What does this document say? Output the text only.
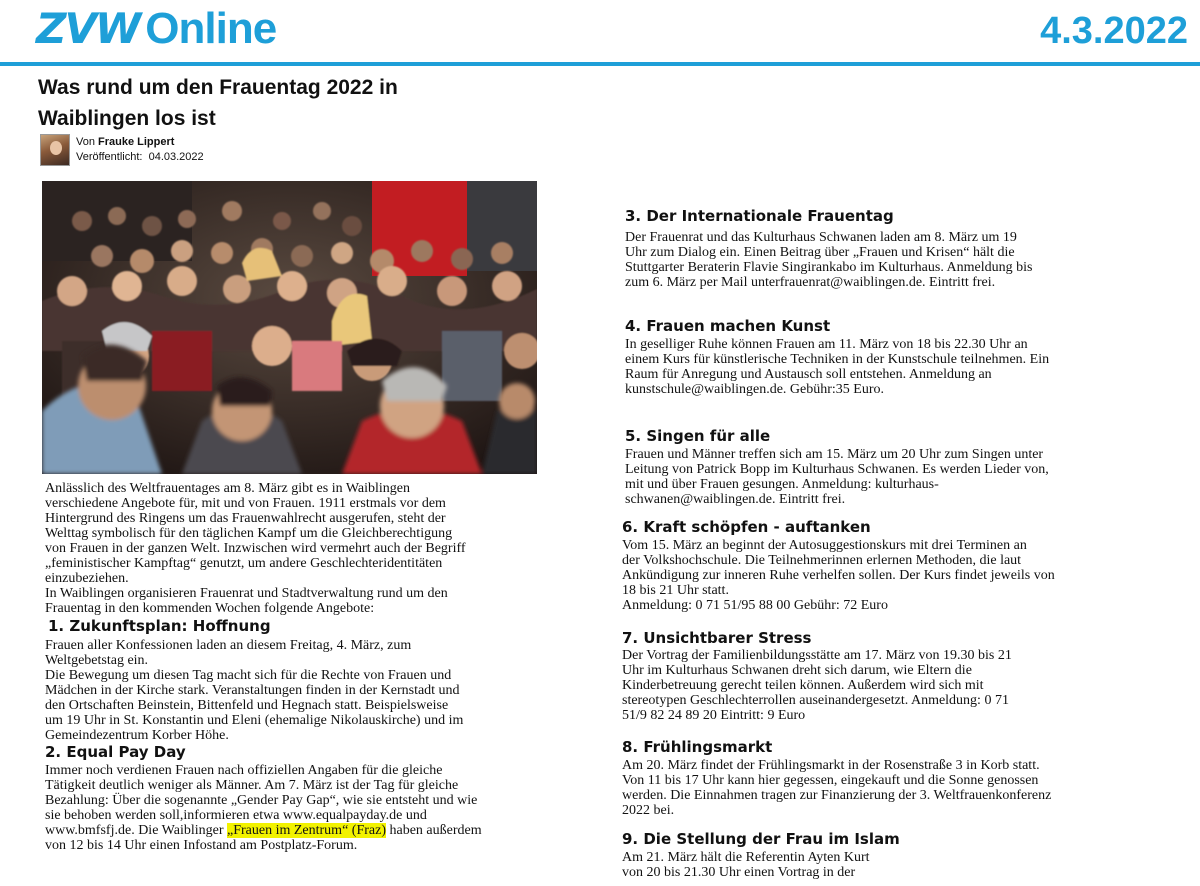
ZVW Online	4.3.2022
Was rund um den Frauentag 2022 in
Waiblingen los ist
Von Frauke Lippert
Veröffentlicht: 04.03.2022

Anlässlich des Weltfrauentages am 8. März gibt es in Waiblingen

verschiedene Angebote für, mit und von Frauen. 1911 erstmals vor dem

Hintergrund des Ringens um das Frauenwahlrecht ausgerufen, steht der

Welttag symbolisch für den täglichen Kampf um die Gleichberechtigung

von Frauen in der ganzen Welt. Inzwischen wird vermehrt auch der Begriff

„feministischer Kampftag“ genutzt, um andere Geschlechteridentitäten

einzubeziehen.

In Waiblingen organisieren Frauenrat und Stadtverwaltung rund um den

Frauentag in den kommenden Wochen folgende Angebote:

1. Zukunftsplan: Hoffnung

Frauen aller Konfessionen laden an diesem Freitag, 4. März, zum

Weltgebetstag ein.

Die Bewegung um diesen Tag macht sich für die Rechte von Frauen und

Mädchen in der Kirche stark. Veranstaltungen finden in der Kernstadt und

den Ortschaften Beinstein, Bittenfeld und Hegnach statt. Beispielsweise

um 19 Uhr in St. Konstantin und Eleni (ehemalige Nikolauskirche) und im

Gemeindezentrum Korber Höhe.

2. Equal Pay Day

Immer noch verdienen Frauen nach offiziellen Angaben für die gleiche

Tätigkeit deutlich weniger als Männer. Am 7. März ist der Tag für gleiche

Bezahlung: Über die sogenannte „Gender Pay Gap“, wie sie entsteht und wie

sie behoben werden soll,informieren etwa www.equalpayday.de und

www.bmfsfj.de. Die Waiblinger „Frauen im Zentrum“ (Fraz) haben außerdem

von 12 bis 14 Uhr einen Infostand am Postplatz-Forum.

3. Der Internationale Frauentag

Der Frauenrat und das Kulturhaus Schwanen laden am 8. März um 19

Uhr zum Dialog ein. Einen Beitrag über „Frauen und Krisen“ hält die

Stuttgarter Beraterin Flavie Singirankabo im Kulturhaus. Anmeldung bis

zum 6. März per Mail unterfrauenrat@waiblingen.de. Eintritt frei.

4. Frauen machen Kunst

In geselliger Ruhe können Frauen am 11. März von 18 bis 22.30 Uhr an

einem Kurs für künstlerische Techniken in der Kunstschule teilnehmen. Ein

Raum für Anregung und Austausch soll entstehen. Anmeldung an

kunstschule@waiblingen.de. Gebühr:35 Euro.

5. Singen für alle

Frauen und Männer treffen sich am 15. März um 20 Uhr zum Singen unter

Leitung von Patrick Bopp im Kulturhaus Schwanen. Es werden Lieder von,

mit und über Frauen gesungen. Anmeldung: kulturhaus-

schwanen@waiblingen.de. Eintritt frei.

6. Kraft schöpfen - auftanken

Vom 15. März an beginnt der Autosuggestionskurs mit drei Terminen an

der Volkshochschule. Die Teilnehmerinnen erlernen Methoden, die laut

Ankündigung zur inneren Ruhe verhelfen sollen. Der Kurs findet jeweils von

18 bis 21 Uhr statt.

Anmeldung: 0 71 51/95 88 00 Gebühr: 72 Euro

7. Unsichtbarer Stress

Der Vortrag der Familienbildungsstätte am 17. März von 19.30 bis 21

Uhr im Kulturhaus Schwanen dreht sich darum, wie Eltern die

Kinderbetreuung gerecht teilen können. Außerdem wird sich mit

stereotypen Geschlechterrollen auseinandergesetzt. Anmeldung: 0 71

51/9 82 24 89 20 Eintritt: 9 Euro

8. Frühlingsmarkt

Am 20. März findet der Frühlingsmarkt in der Rosenstraße 3 in Korb statt.

Von 11 bis 17 Uhr kann hier gegessen, eingekauft und die Sonne genossen

werden. Die Einnahmen tragen zur Finanzierung der 3. Weltfrauenkonferenz

2022 bei.

9. Die Stellung der Frau im Islam

Am 21. März hält die Referentin Ayten Kurt

von 20 bis 21.30 Uhr einen Vortrag in der
